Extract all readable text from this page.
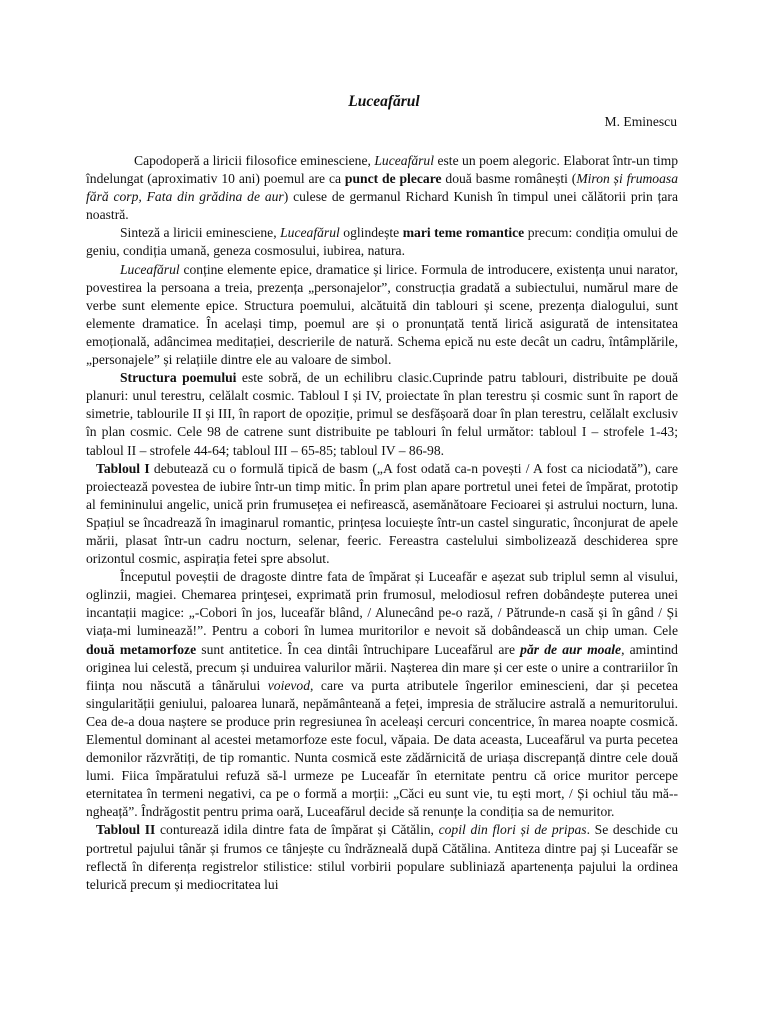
Luceafărul
M. Eminescu

Capodoperă a liricii filosofice eminesciene, Luceafărul este un poem alegoric. Elaborat într-un timp îndelungat (aproximativ 10 ani) poemul are ca punct de plecare două basme românești (Miron și frumoasa fără corp, Fata din grădina de aur) culese de germanul Richard Kunish în timpul unei călătorii prin țara noastră.

Sinteză a liricii eminesciene, Luceafărul oglindește mari teme romantice precum: condiția omului de geniu, condiția umană, geneza cosmosului, iubirea, natura.

Luceafărul conține elemente epice, dramatice și lirice. Formula de introducere, existența unui narator, povestirea la persoana a treia, prezența „personajelor”, construcția gradată a subiectului, numărul mare de verbe sunt elemente epice. Structura poemului, alcătuită din tablouri și scene, prezența dialogului, sunt elemente dramatice. În același timp, poemul are și o pronunțată tentă lirică asigurată de intensitatea emoțională, adâncimea meditației, descrierile de natură. Schema epică nu este decât un cadru, întâmplările, „personajele” și relațiile dintre ele au valoare de simbol.

Structura poemului este sobră, de un echilibru clasic.Cuprinde patru tablouri, distribuite pe două planuri: unul terestru, celălalt cosmic. Tabloul I și IV, proiectate în plan terestru și cosmic sunt în raport de simetrie, tablourile II și III, în raport de opoziție, primul se desfășoară doar în plan terestru, celălalt exclusiv în plan cosmic. Cele 98 de catrene sunt distribuite pe tablouri în felul următor: tabloul I – strofele 1-43; tabloul II – strofele 44-64; tabloul III – 65-85; tabloul IV – 86-98.

Tabloul I debutează cu o formulă tipică de basm („A fost odată ca-n povești / A fost ca niciodată”), care proiectează povestea de iubire într-un timp mitic. În prim plan apare portretul unei fetei de împărat, prototip al femininului angelic, unică prin frumusețea ei nefirească, asemănătoare Fecioarei și astrului nocturn, luna. Spațiul se încadrează în imaginarul romantic, prințesa locuiește într-un castel singuratic, înconjurat de apele mării, plasat într-un cadru nocturn, selenar, feeric. Fereastra castelului simbolizează deschiderea spre orizontul cosmic, aspirația fetei spre absolut.

Începutul poveștii de dragoste dintre fata de împărat și Luceafăr e așezat sub triplul semn al visului, oglinzii, magiei. Chemarea prinţesei, exprimată prin frumosul, melodiosul refren dobândește puterea unei incantații magice: „-Cobori în jos, luceafăr blând, / Alunecând pe-o rază, / Pătrunde-n casă și în gând / Și viața-mi luminează!”. Pentru a cobori în lumea muritorilor e nevoit să dobândească un chip uman. Cele două metamorfoze sunt antitetice. În cea dintâi întruchipare Luceafărul are păr de aur moale, amintind originea lui celestă, precum și unduirea valurilor mării. Nașterea din mare și cer este o unire a contrariilor în ființa nou născută a tânărului voievod, care va purta atributele îngerilor eminescieni, dar și pecetea singularității geniului, paloarea lunară, nepământeană a feței, impresia de strălucire astrală a nemuritorului. Cea de-a doua naștere se produce prin regresiunea în aceleași cercuri concentrice, în marea noapte cosmică. Elementul dominant al acestei metamorfoze este focul, văpaia. De data aceasta, Luceafărul va purta pecetea demonilor răzvrătiți, de tip romantic. Nunta cosmică este zădărnicită de uriașa discrepanță dintre cele două lumi. Fiica împăratului refuză să-l urmeze pe Luceafăr în eternitate pentru că orice muritor percepe eternitatea în termeni negativi, ca pe o formă a morții: „Căci eu sunt vie, tu ești mort, / Și ochiul tău mă-ngheață”. Îndrăgostit pentru prima oară, Luceafărul decide să renunțe la condiția sa de nemuritor.

Tabloul II conturează idila dintre fata de împărat și Cătălin, copil din flori și de pripas. Se deschide cu portretul pajului tânăr și frumos ce tânjește cu îndrăzneală după Cătălina. Antiteza dintre paj și Luceafăr se reflectă în diferența registrelor stilistice: stilul vorbirii populare subliniază apartenența pajului la ordinea telurică precum și mediocritatea lui
